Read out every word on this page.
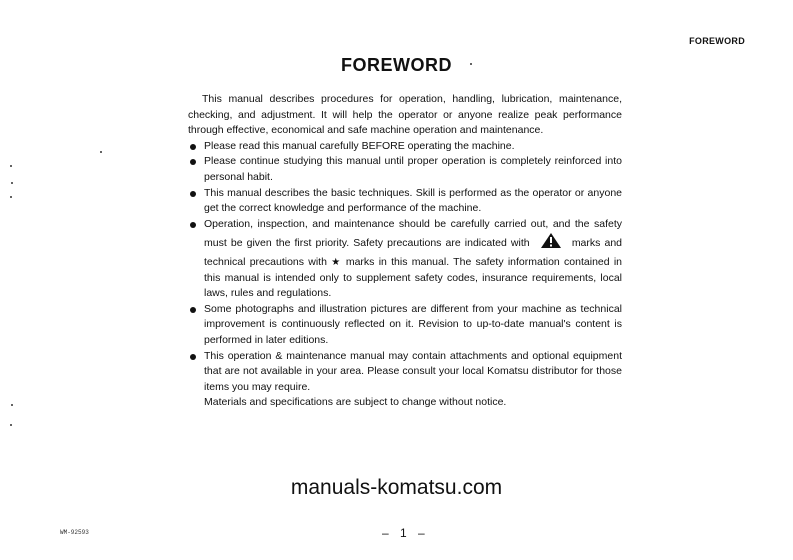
FOREWORD
FOREWORD

This manual describes procedures for operation, handling, lubrication, maintenance, checking, and adjustment. It will help the operator or anyone realize peak performance through effective, economical and safe machine operation and maintenance.

Please read this manual carefully BEFORE operating the machine.
Please continue studying this manual until proper operation is completely reinforced into personal habit.
This manual describes the basic techniques. Skill is performed as the operator or anyone get the correct knowledge and performance of the machine.
Operation, inspection, and maintenance should be carefully carried out, and the safety must be given the first priority. Safety precautions are indicated with	marks and technical precautions with ★ marks in this manual. The safety information contained in this manual is intended only to supplement safety codes, insurance requirements, local laws, rules and regulations.
Some photographs and illustration pictures are different from your machine as technical improvement is continuously reflected on it. Revision to up-to-date manual's content is performed in later editions.
This operation & maintenance manual may contain attachments and optional equipment that are not available in your area. Please consult your local Komatsu distributor for those items you may require.

Materials and specifications are subject to change without notice.

manuals-komatsu.com
WM-92593	– 1 –
